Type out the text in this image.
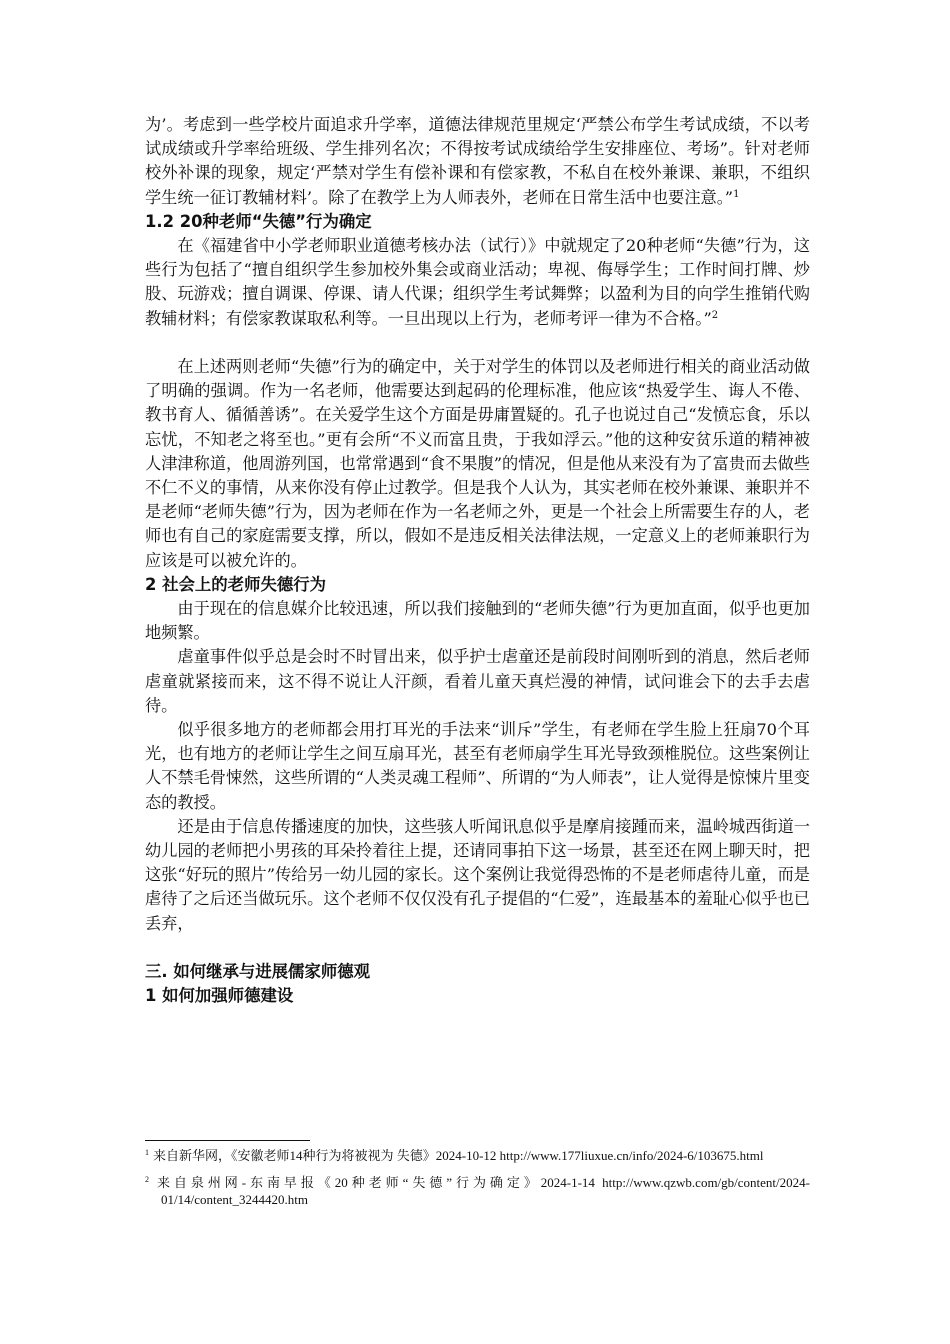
为’。考虑到一些学校片面追求升学率，道德法律规范里规定‘严禁公布学生考试成绩，不以考试成绩或升学率给班级、学生排列名次；不得按考试成绩给学生安排座位、考场”。针对老师校外补课的现象，规定‘严禁对学生有偿补课和有偿家教，不私自在校外兼课、兼职，不组织学生统一征订教辅材料’。除了在教学上为人师表外，老师在日常生活中也要注意。”$^1$

1.2 20种老师“失德”行为确定

在《福建省中小学老师职业道德考核办法（试行）》中就规定了20种老师“失德”行为，这些行为包括了“擅自组织学生参加校外集会或商业活动；卑视、侮辱学生；工作时间打牌、炒股、玩游戏；擅自调课、停课、请人代课；组织学生考试舞弊；以盈利为目的向学生推销代购教辅材料；有偿家教谋取私利等。一旦出现以上行为，老师考评一律为不合格。”$^2$

在上述两则老师“失德”行为的确定中，关于对学生的体罚以及老师进行相关的商业活动做了明确的强调。作为一名老师，他需要达到起码的伦理标准，他应该“热爱学生、诲人不倦、教书育人、循循善诱”。在关爱学生这个方面是毋庸置疑的。孔子也说过自己“发愤忘食，乐以忘忧，不知老之将至也。”更有会所“不义而富且贵，于我如浮云。”他的这种安贫乐道的精神被人津津称道，他周游列国，也常常遇到“食不果腹”的情况，但是他从来没有为了富贵而去做些不仁不义的事情，从来你没有停止过教学。但是我个人认为，其实老师在校外兼课、兼职并不是老师“老师失德”行为，因为老师在作为一名老师之外，更是一个社会上所需要生存的人，老师也有自己的家庭需要支撑，所以，假如不是违反相关法律法规，一定意义上的老师兼职行为应该是可以被允许的。

2 社会上的老师失德行为

由于现在的信息媒介比较迅速，所以我们接触到的“老师失德”行为更加直面，似乎也更加地频繁。

虐童事件似乎总是会时不时冒出来，似乎护士虐童还是前段时间刚听到的消息，然后老师虐童就紧接而来，这不得不说让人汗颜，看着儿童天真烂漫的神情，试问谁会下的去手去虐待。

似乎很多地方的老师都会用打耳光的手法来“训斥”学生，有老师在学生脸上狂扇70个耳光，也有地方的老师让学生之间互扇耳光，甚至有老师扇学生耳光导致颈椎脱位。这些案例让人不禁毛骨悚然，这些所谓的“人类灵魂工程师”、所谓的“为人师表”，让人觉得是惊悚片里变态的教授。

还是由于信息传播速度的加快，这些骇人听闻讯息似乎是摩肩接踵而来，温岭城西街道一幼儿园的老师把小男孩的耳朵拎着往上提，还请同事拍下这一场景，甚至还在网上聊天时，把这张“好玩的照片”传给另一幼儿园的家长。这个案例让我觉得恐怖的不是老师虐待儿童，而是虐待了之后还当做玩乐。这个老师不仅仅没有孔子提倡的“仁爱”，连最基本的羞耻心似乎也已丢弃，

三. 如何继承与进展儒家师德观

1 如何加强师德建设

$^1$ 来自新华网，《安徽老师14种行为将被视为 失德》2024-10-12 http://www.177liuxue.cn/info/2024-6/103675.html

$^2$ 来自泉州网-东南早报《20种老师“失德”行为确定》2024-1-14 http://www.qzwb.com/gb/content/2024-01/14/content_3244420.htm
